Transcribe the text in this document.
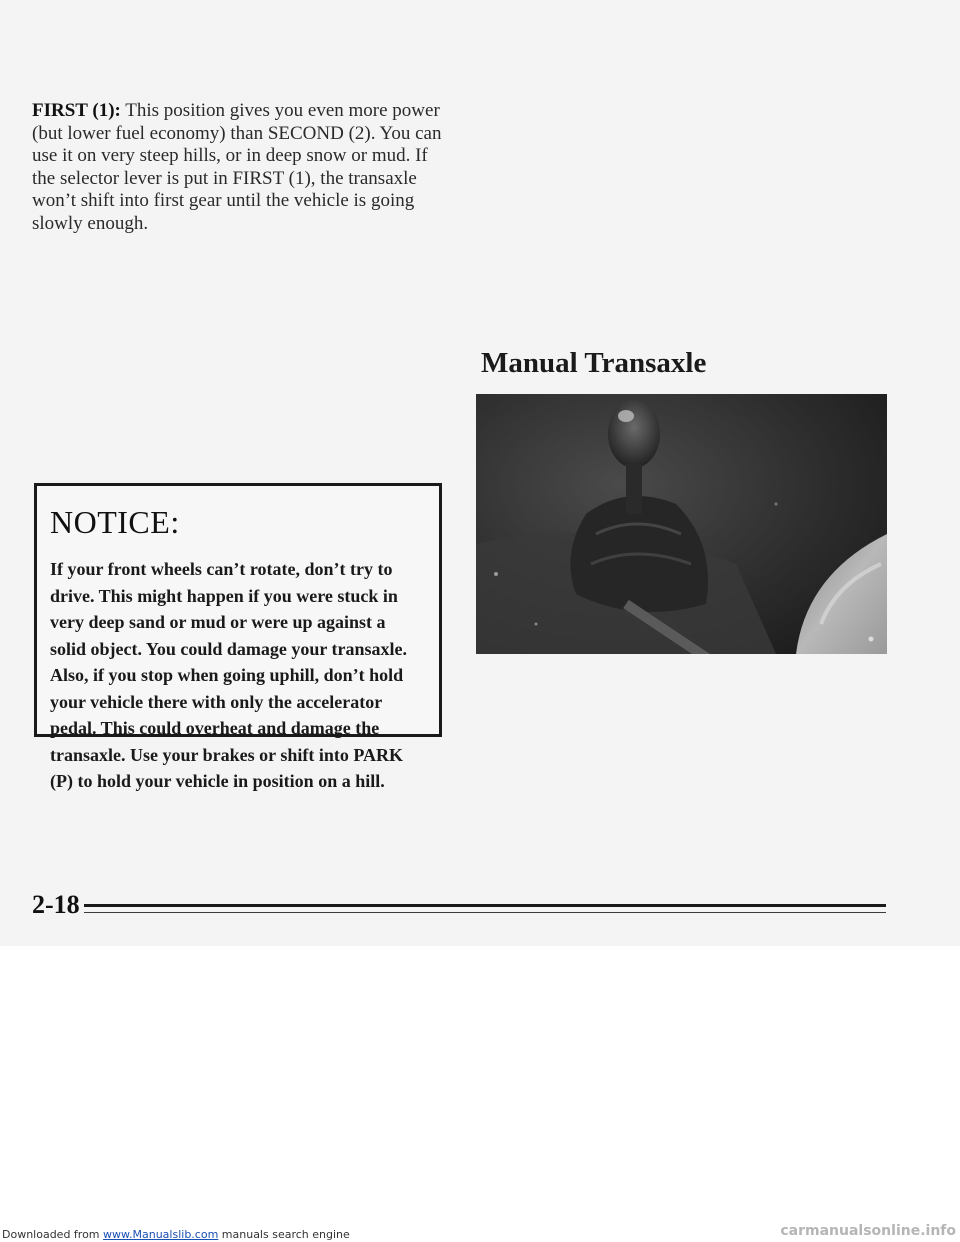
FIRST (1): This position gives you even more power (but lower fuel economy) than SECOND (2). You can use it on very steep hills, or in deep snow or mud. If the selector lever is put in FIRST (1), the transaxle won’t shift into first gear until the vehicle is going slowly enough.

NOTICE:

If your front wheels can’t rotate, don’t try to drive. This might happen if you were stuck in very deep sand or mud or were up against a solid object. You could damage your transaxle. Also, if you stop when going uphill, don’t hold your vehicle there with only the accelerator pedal. This could overheat and damage the transaxle. Use your brakes or shift into PARK (P) to hold your vehicle in position on a hill.

Manual Transaxle
2-18
Downloaded from www.Manualslib.com manuals search engine	carmanualsonline.info
